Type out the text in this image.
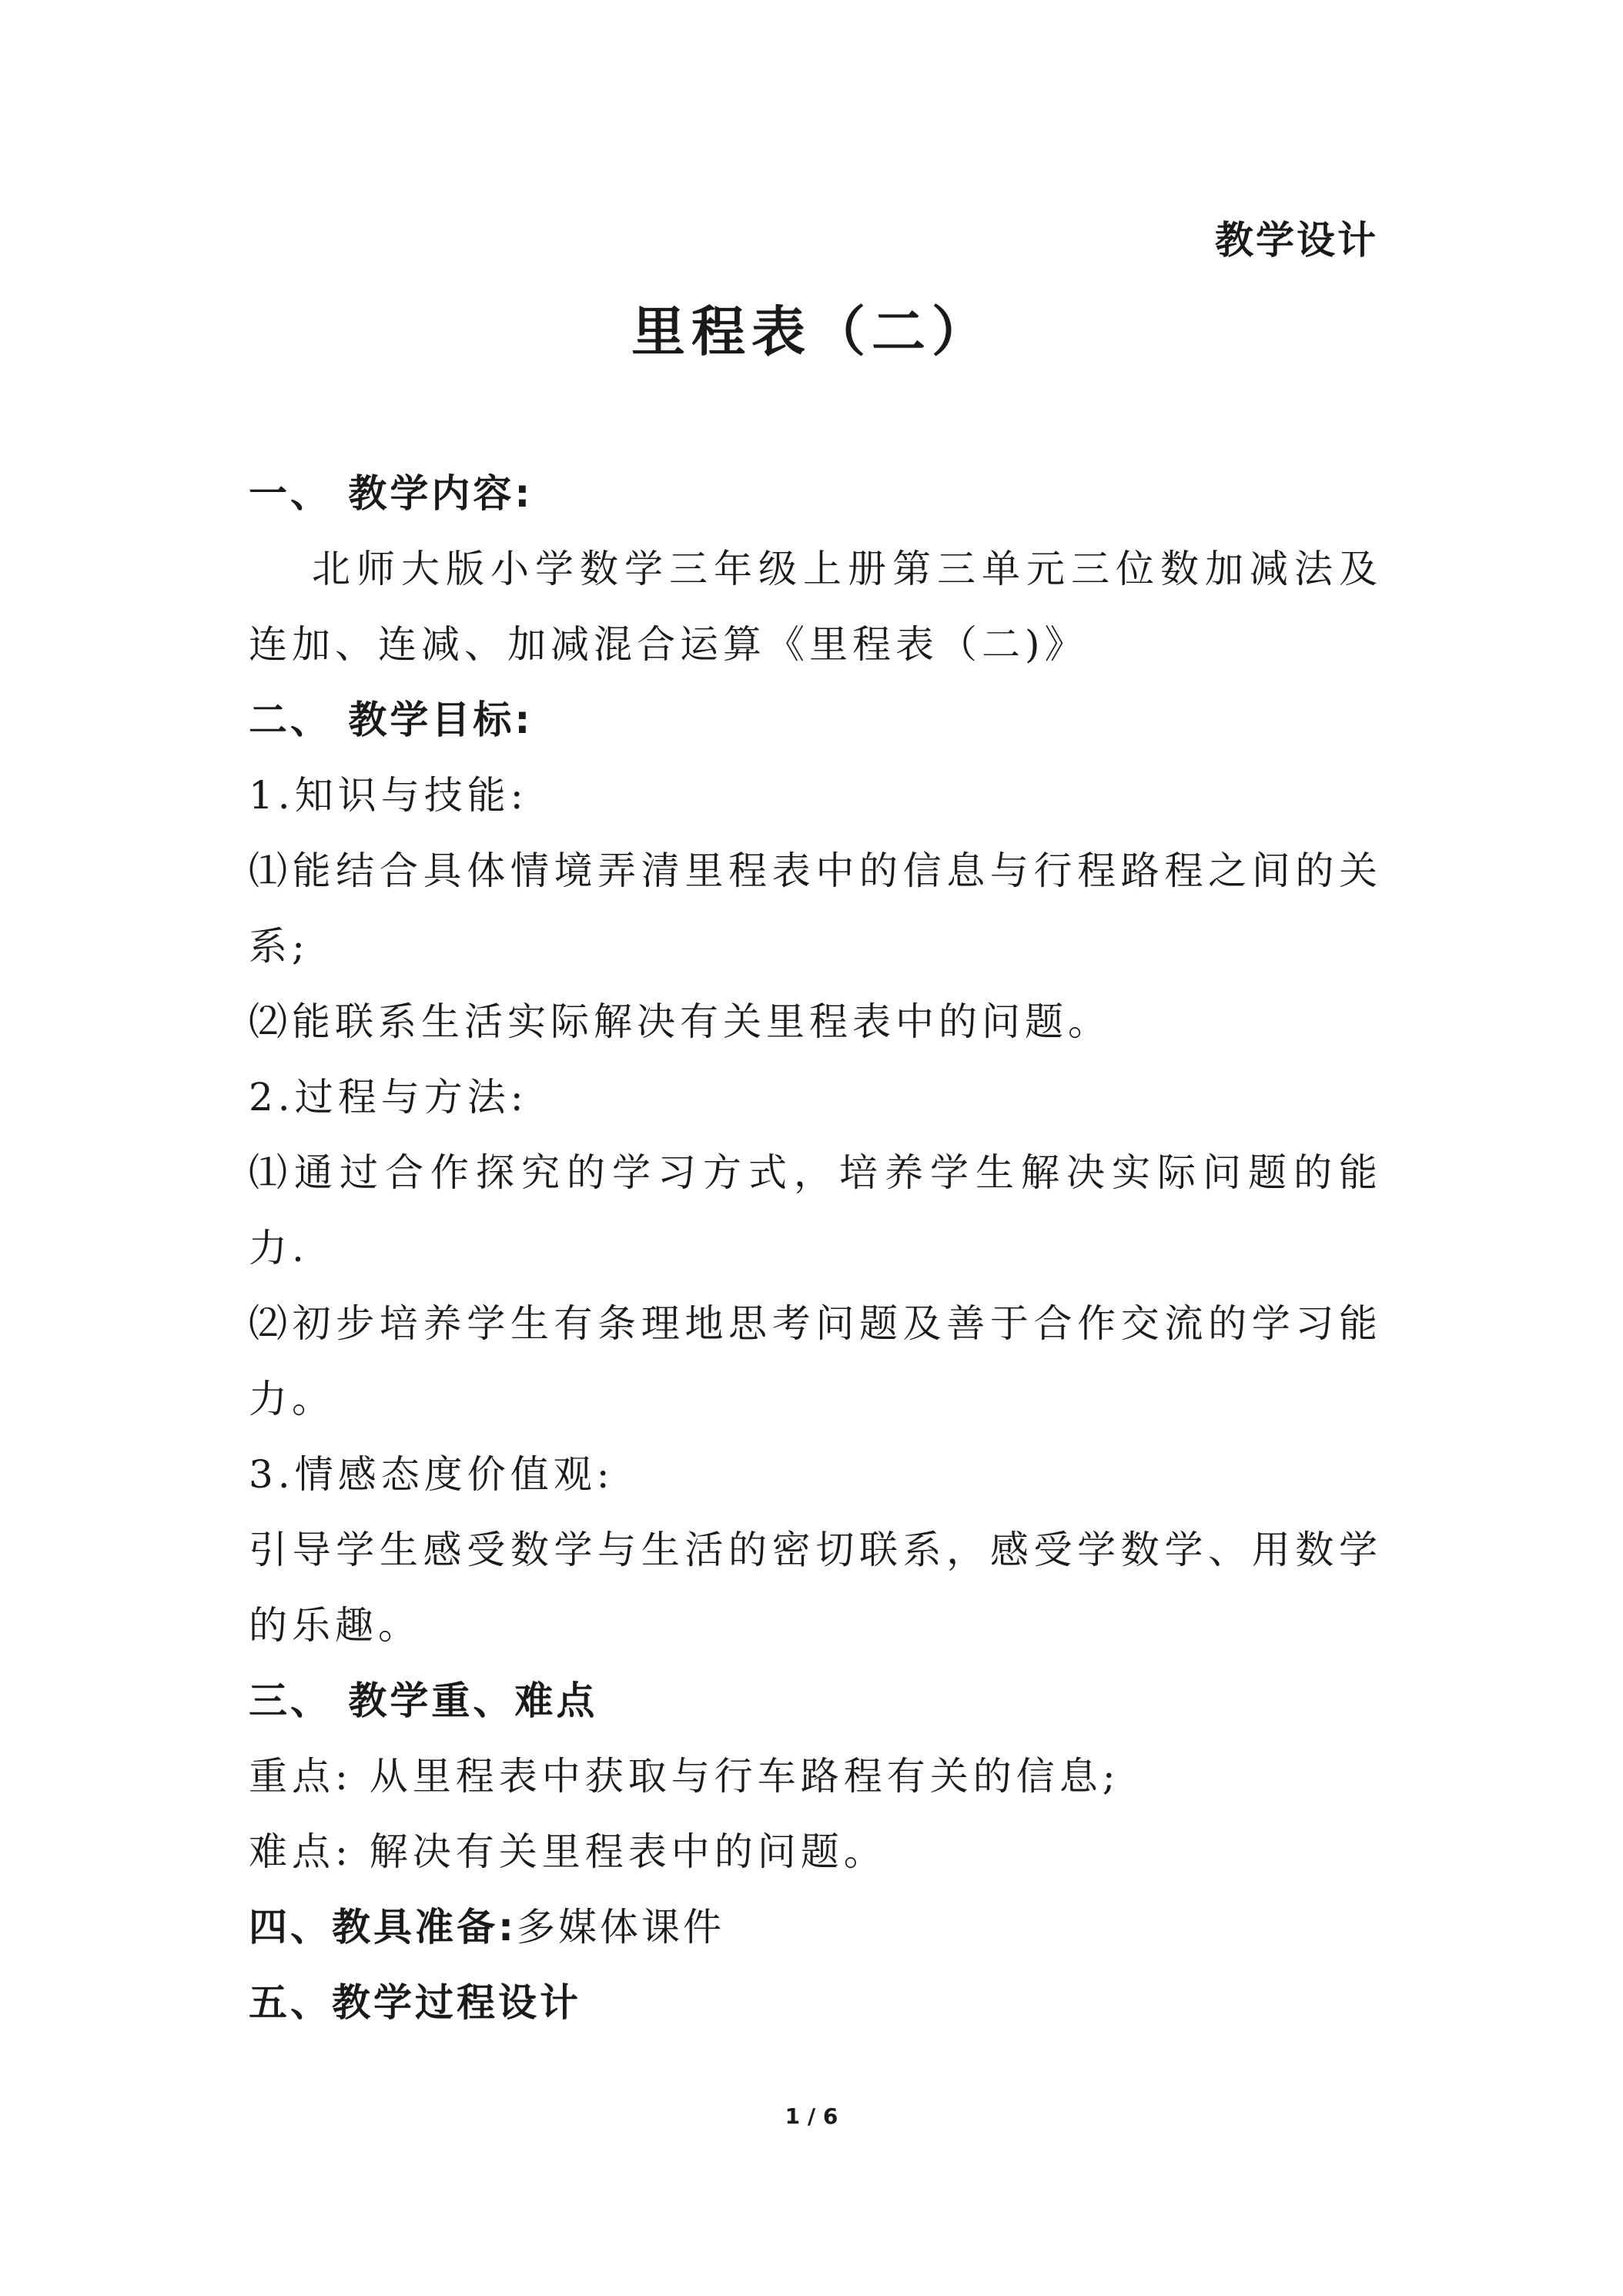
教学设计
里程表（二）

一、 教学内容:

北师大版小学数学三年级上册第三单元三位数加减法及连加、连减、加减混合运算《里程表（二)》

二、 教学目标:

1.知识与技能:

⑴能结合具体情境弄清里程表中的信息与行程路程之间的关系;

⑵能联系生活实际解决有关里程表中的问题。

2.过程与方法:

⑴通过合作探究的学习方式，培养学生解决实际问题的能力.

⑵初步培养学生有条理地思考问题及善于合作交流的学习能力。

3.情感态度价值观:

引导学生感受数学与生活的密切联系，感受学数学、用数学的乐趣。

三、 教学重、难点

重点: 从里程表中获取与行车路程有关的信息;

难点: 解决有关里程表中的问题。

四、教具准备:多媒体课件

五、教学过程设计

1 / 6
